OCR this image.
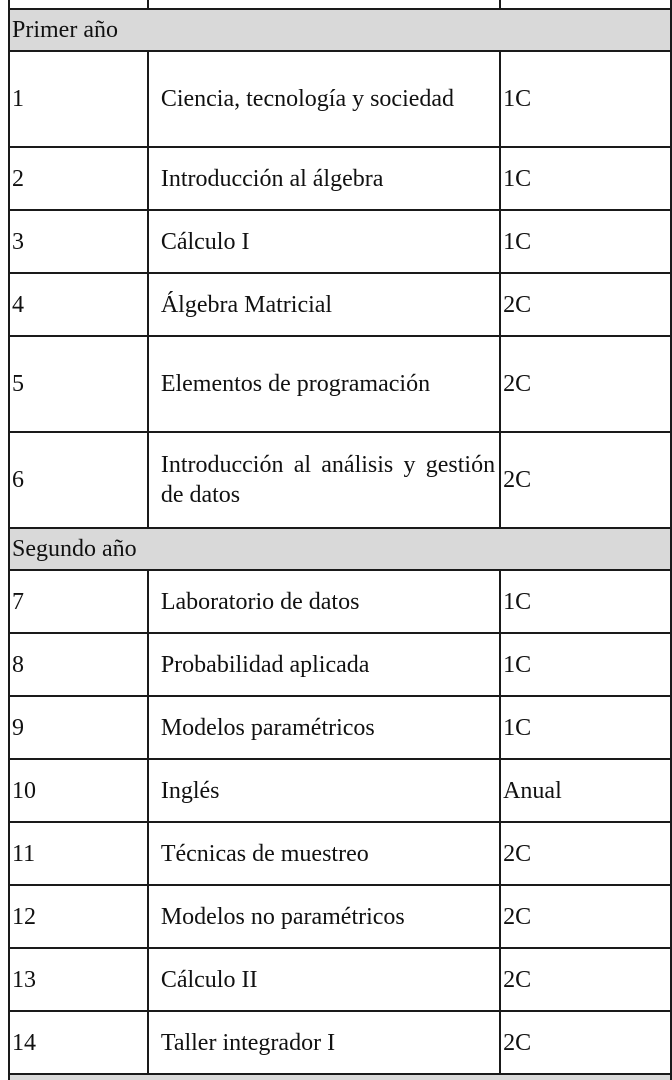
Primer año		
1	Ciencia, tecnología y sociedad	1C
2	Introducción al álgebra	1C
3	Cálculo I	1C
4	Álgebra Matricial	2C
5	Elementos de programación	2C
6	Introducción al análisis y gestión de datos	2C
Segundo año		
7	Laboratorio de datos	1C
8	Probabilidad aplicada	1C
9	Modelos paramétricos	1C
10	Inglés	Anual
11	Técnicas de muestreo	2C
12	Modelos no paramétricos	2C
13	Cálculo II	2C
14	Taller integrador I	2C
